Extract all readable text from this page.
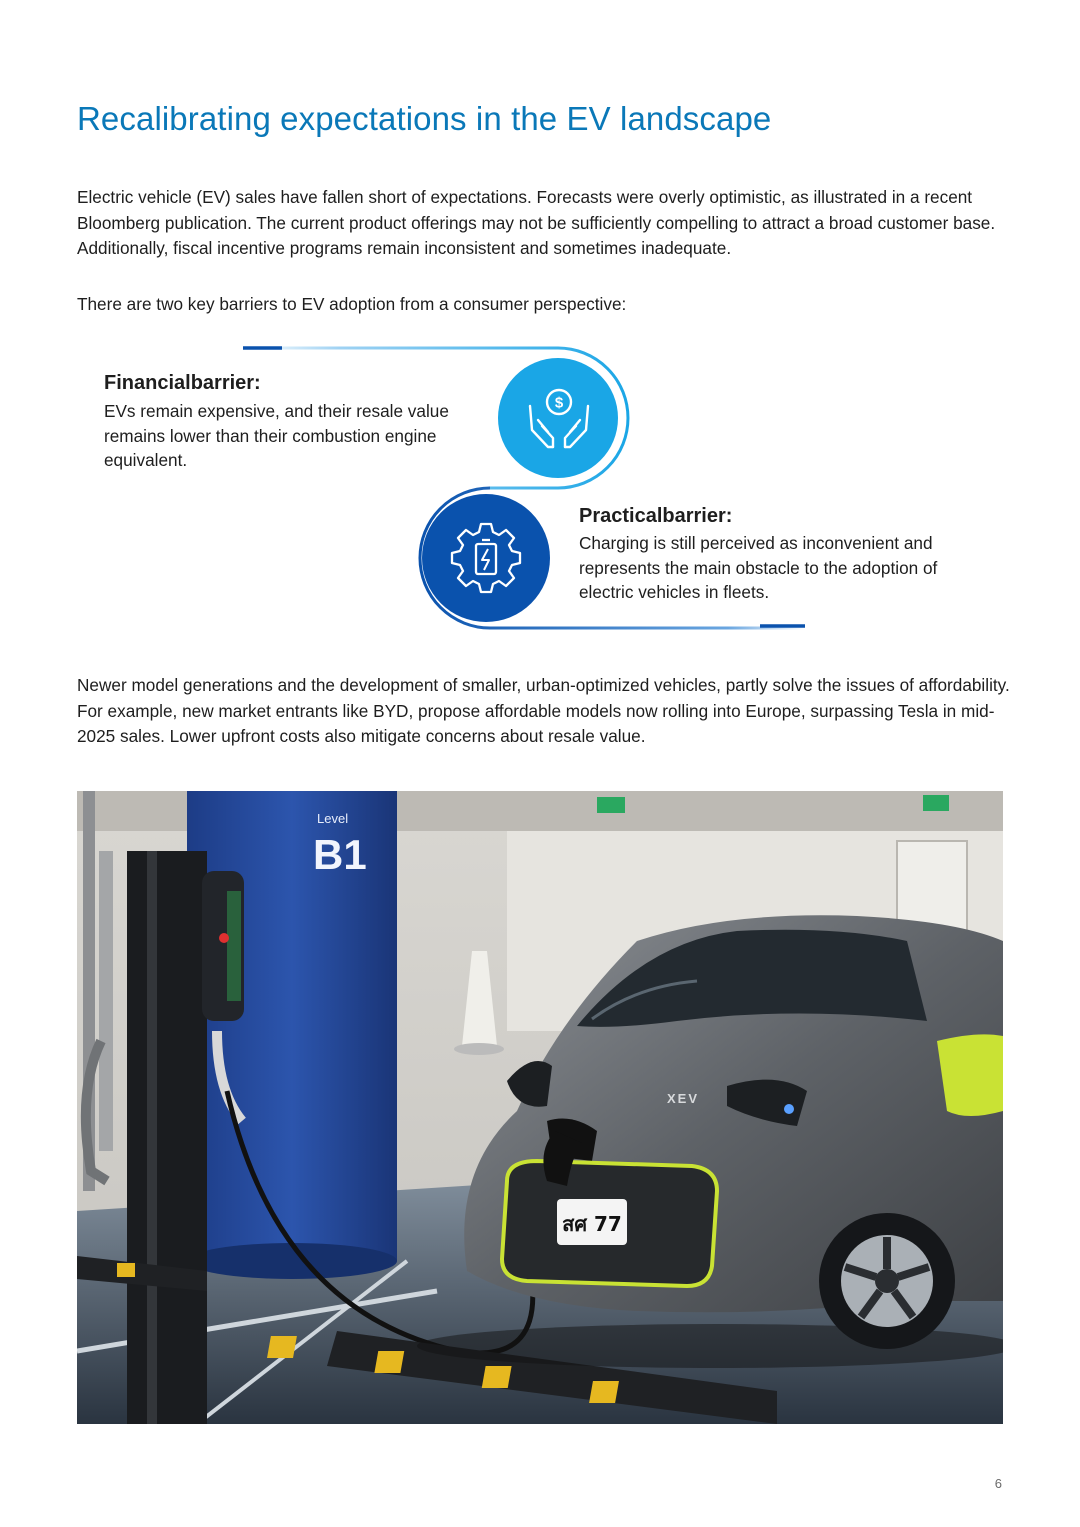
Recalibrating expectations in the EV landscape

Electric vehicle (EV) sales have fallen short of expectations. Forecasts were overly optimistic, as illustrated in a recent Bloomberg publication. The current product offerings may not be sufficiently compelling to attract a broad customer base. Additionally, fiscal incentive programs remain inconsistent and sometimes inadequate.

There are two key barriers to EV adoption from a consumer perspective:

$

Financialbarrier:

EVs remain expensive, and their resale value remains lower than their combustion engine equivalent.

Practicalbarrier:

Charging is still perceived as inconvenient and represents the main obstacle to the adoption of electric vehicles in fleets.

Newer model generations and the development of smaller, urban-optimized vehicles, partly solve the issues of affordability. For example, new market entrants like BYD, propose affordable models now rolling into Europe, surpassing Tesla in mid-2025 sales. Lower upfront costs also mitigate concerns about resale value.

Level
B1
XEV
สศ 77
6
